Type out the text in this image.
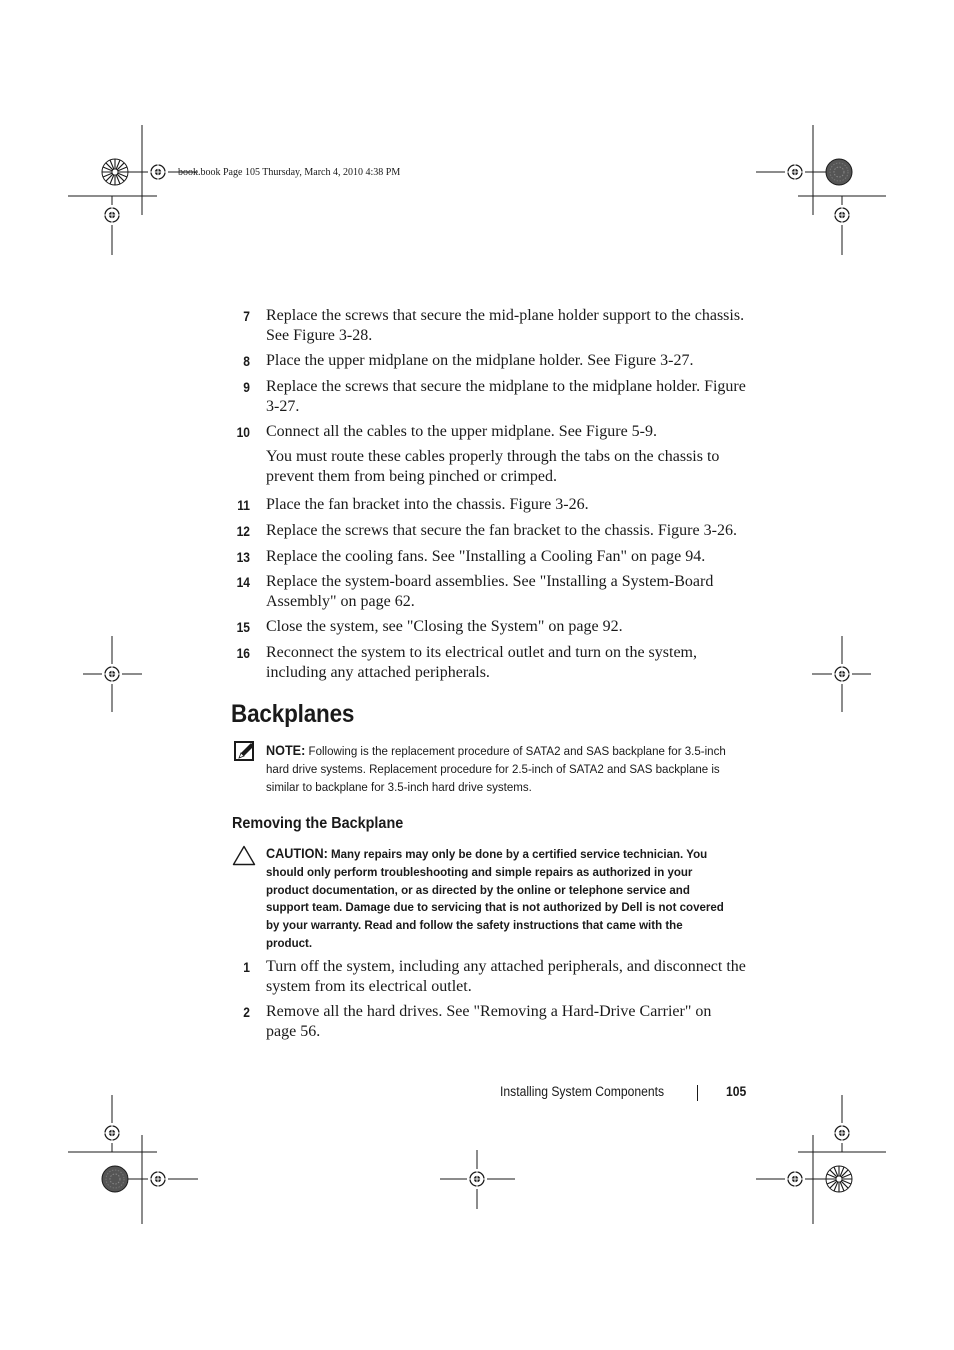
book.book Page 105 Thursday, March 4, 2010 4:38 PM
7 Replace the screws that secure the mid-plane holder support to the chassis. See Figure 3-28.
8 Place the upper midplane on the midplane holder. See Figure 3-27.
9 Replace the screws that secure the midplane to the midplane holder. Figure 3-27.
10 Connect all the cables to the upper midplane. See Figure 5-9.
You must route these cables properly through the tabs on the chassis to prevent them from being pinched or crimped.
11 Place the fan bracket into the chassis. Figure 3-26.
12 Replace the screws that secure the fan bracket to the chassis. Figure 3-26.
13 Replace the cooling fans. See "Installing a Cooling Fan" on page 94.
14 Replace the system-board assemblies. See "Installing a System-Board Assembly" on page 62.
15 Close the system, see "Closing the System" on page 92.
16 Reconnect the system to its electrical outlet and turn on the system, including any attached peripherals.
Backplanes
NOTE: Following is the replacement procedure of SATA2 and SAS backplane for 3.5-inch hard drive systems. Replacement procedure for 2.5-inch of SATA2 and SAS backplane is similar to backplane for 3.5-inch hard drive systems.
Removing the Backplane
CAUTION: Many repairs may only be done by a certified service technician. You should only perform troubleshooting and simple repairs as authorized in your product documentation, or as directed by the online or telephone service and support team. Damage due to servicing that is not authorized by Dell is not covered by your warranty. Read and follow the safety instructions that came with the product.
1 Turn off the system, including any attached peripherals, and disconnect the system from its electrical outlet.
2 Remove all the hard drives. See "Removing a Hard-Drive Carrier" on page 56.
Installing System Components	105
